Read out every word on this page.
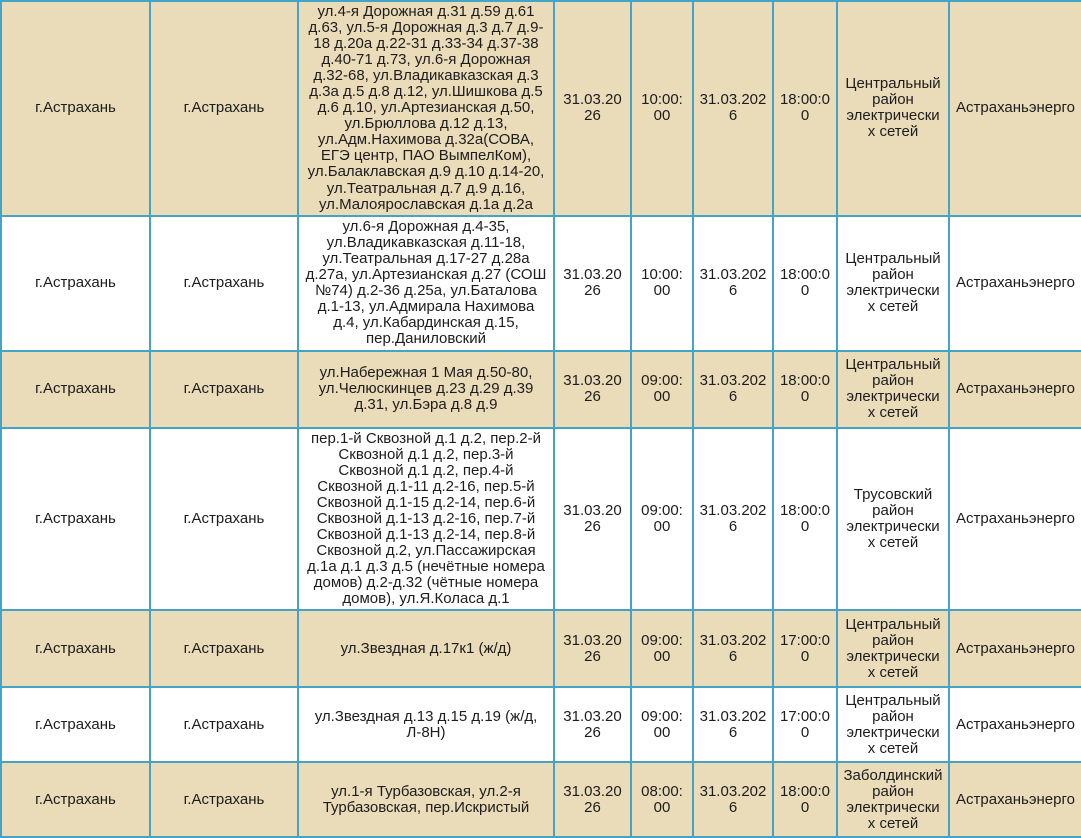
г.Астрахань	г.Астрахань	ул.4-я Дорожная д.31 д.59 д.61 д.63, ул.5-я Дорожная д.3 д.7 д.9-18 д.20а д.22-31 д.33-34 д.37-38 д.40-71 д.73, ул.6-я Дорожная д.32-68, ул.Владикавказская д.3 д.3а д.5 д.8 д.12, ул.Шишкова д.5 д.6 д.10, ул.Артезианская д.50, ул.Брюллова д.12 д.13, ул.Адм.Нахимова д.32а(СОВА, ЕГЭ центр, ПАО ВымпелКом), ул.Балаклавская д.9 д.10 д.14-20, ул.Театральная д.7 д.9 д.16, ул.Малоярославская д.1а д.2а	31.03.2026	10:00:00	31.03.2026	18:00:00	Центральный район электрических сетей	Астраханьэнерго
г.Астрахань	г.Астрахань	ул.6-я Дорожная д.4-35, ул.Владикавказская д.11-18, ул.Театральная д.17-27 д.28а д.27а, ул.Артезианская д.27 (СОШ №74) д.2-36 д.25а, ул.Баталова д.1-13, ул.Адмирала Нахимова д.4, ул.Кабардинская д.15, пер.Даниловский	31.03.2026	10:00:00	31.03.2026	18:00:00	Центральный район электрических сетей	Астраханьэнерго
г.Астрахань	г.Астрахань	ул.Набережная 1 Мая д.50-80, ул.Челюскинцев д.23 д.29 д.39 д.31, ул.Бэра д.8 д.9	31.03.2026	09:00:00	31.03.2026	18:00:00	Центральный район электрических сетей	Астраханьэнерго
г.Астрахань	г.Астрахань	пер.1-й Сквозной д.1 д.2, пер.2-й Сквозной д.1 д.2, пер.3-й Сквозной д.1 д.2, пер.4-й Сквозной д.1-11 д.2-16, пер.5-й Сквозной д.1-15 д.2-14, пер.6-й Сквозной д.1-13 д.2-16, пер.7-й Сквозной д.1-13 д.2-14, пер.8-й Сквозной д.2, ул.Пассажирская д.1а д.1 д.3 д.5 (нечётные номера домов) д.2-д.32 (чётные номера домов), ул.Я.Коласа д.1	31.03.2026	09:00:00	31.03.2026	18:00:00	Трусовский район электрических сетей	Астраханьэнерго
г.Астрахань	г.Астрахань	ул.Звездная д.17к1 (ж/д)	31.03.2026	09:00:00	31.03.2026	17:00:00	Центральный район электрических сетей	Астраханьэнерго
г.Астрахань	г.Астрахань	ул.Звездная д.13 д.15 д.19 (ж/д, Л-8Н)	31.03.2026	09:00:00	31.03.2026	17:00:00	Центральный район электрических сетей	Астраханьэнерго
г.Астрахань	г.Астрахань	ул.1-я Турбазовская, ул.2-я Турбазовская, пер.Искристый	31.03.2026	08:00:00	31.03.2026	18:00:00	Заболдинский район электрических сетей	Астраханьэнерго
